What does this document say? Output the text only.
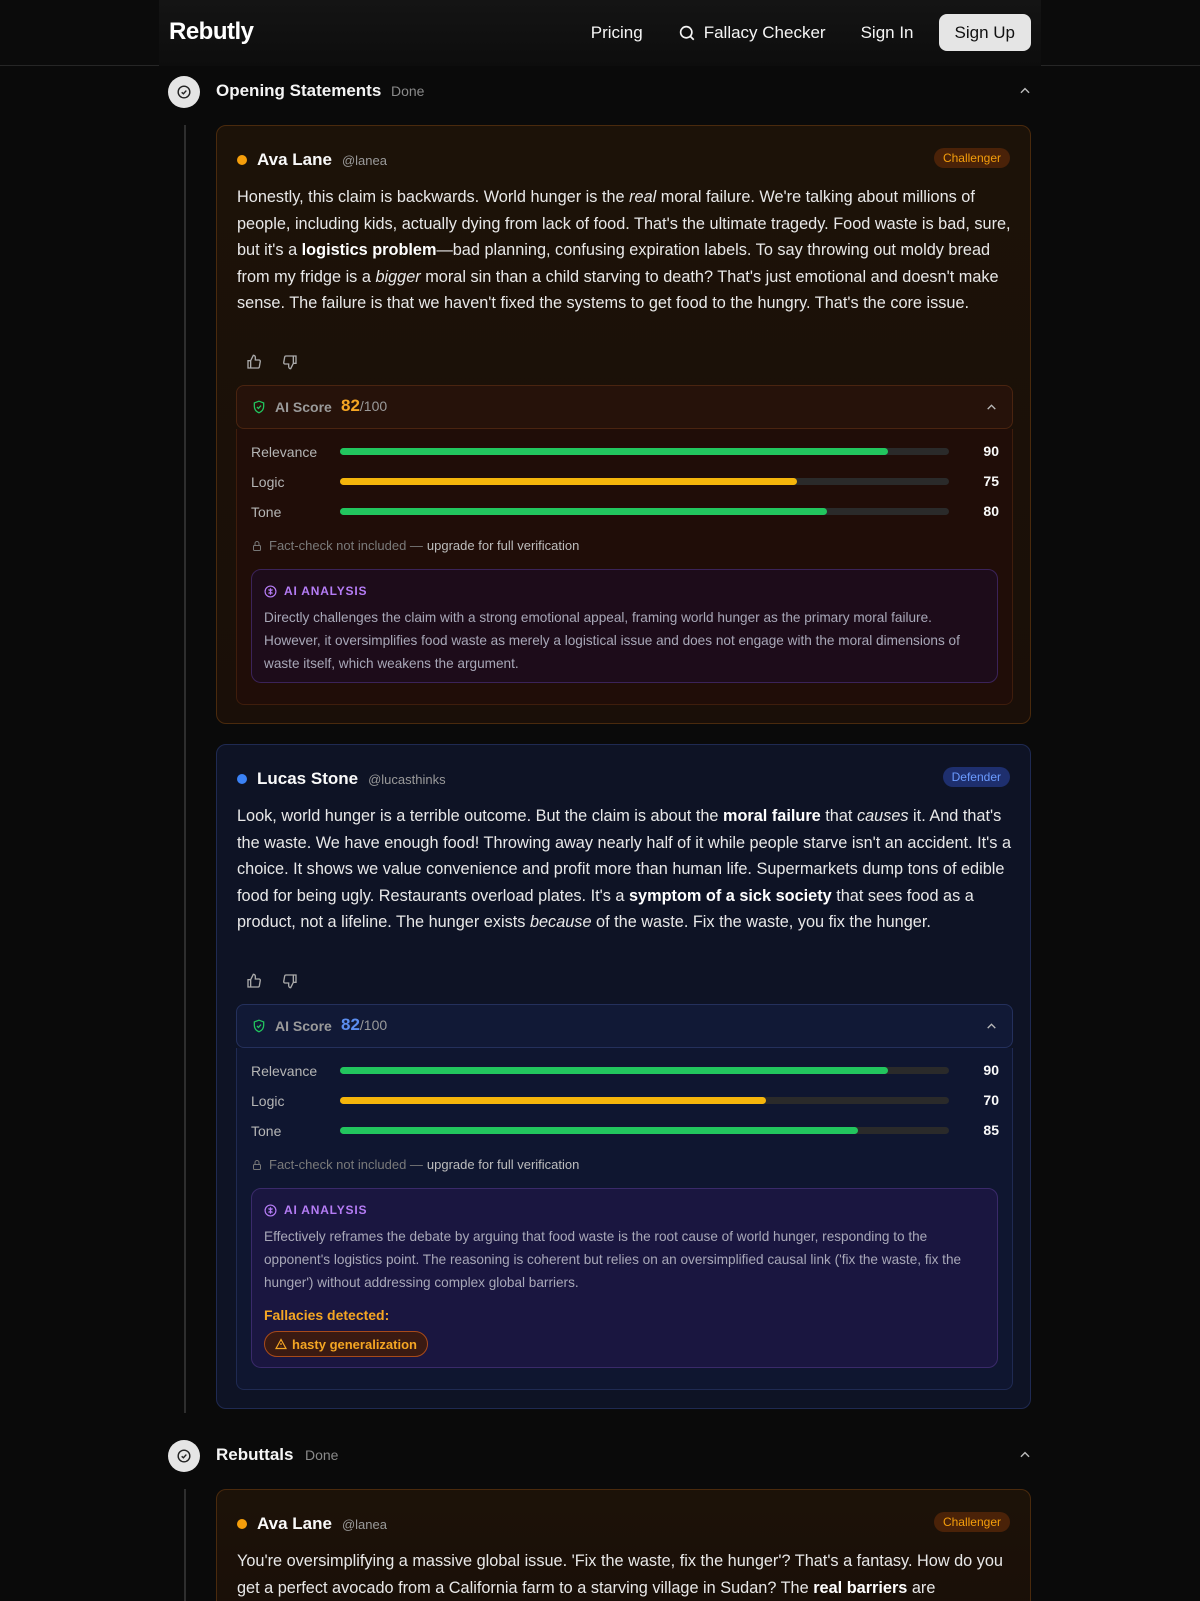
Rebutly	Pricing	Fallacy Checker Sign In	Sign Up
Opening Statements Done
Ava Lane @lanea	Challenger

Honestly, this claim is backwards. World hunger is the real moral failure. We're talking about millions of people, including kids, actually dying from lack of food. That's the ultimate tragedy. Food waste is bad, sure, but it's a logistics problem—bad planning, confusing expiration labels. To say throwing out moldy bread from my fridge is a bigger moral sin than a child starving to death? That's just emotional and doesn't make sense. The failure is that we haven't fixed the systems to get food to the hungry. That's the core issue.

AI Score 82/100
Relevance	90
Logic	75
Tone	80
Fact-check not included — upgrade for full verification
AI ANALYSIS

Directly challenges the claim with a strong emotional appeal, framing world hunger as the primary moral failure. However, it oversimplifies food waste as merely a logistical issue and does not engage with the moral dimensions of waste itself, which weakens the argument.

Lucas Stone @lucasthinks	Defender

Look, world hunger is a terrible outcome. But the claim is about the moral failure that causes it. And that's the waste. We have enough food! Throwing away nearly half of it while people starve isn't an accident. It's a choice. It shows we value convenience and profit more than human life. Supermarkets dump tons of edible food for being ugly. Restaurants overload plates. It's a symptom of a sick society that sees food as a product, not a lifeline. The hunger exists because of the waste. Fix the waste, you fix the hunger.

AI Score 82/100
Relevance	90
Logic	70
Tone	85
Fact-check not included — upgrade for full verification
AI ANALYSIS

Effectively reframes the debate by arguing that food waste is the root cause of world hunger, responding to the opponent's logistics point. The reasoning is coherent but relies on an oversimplified causal link ('fix the waste, fix the hunger') without addressing complex global barriers.

Fallacies detected:
hasty generalization
Rebuttals Done
Ava Lane @lanea	Challenger

You're oversimplifying a massive global issue. 'Fix the waste, fix the hunger'? That's a fantasy. How do you get a perfect avocado from a California farm to a starving village in Sudan? The real barriers are
